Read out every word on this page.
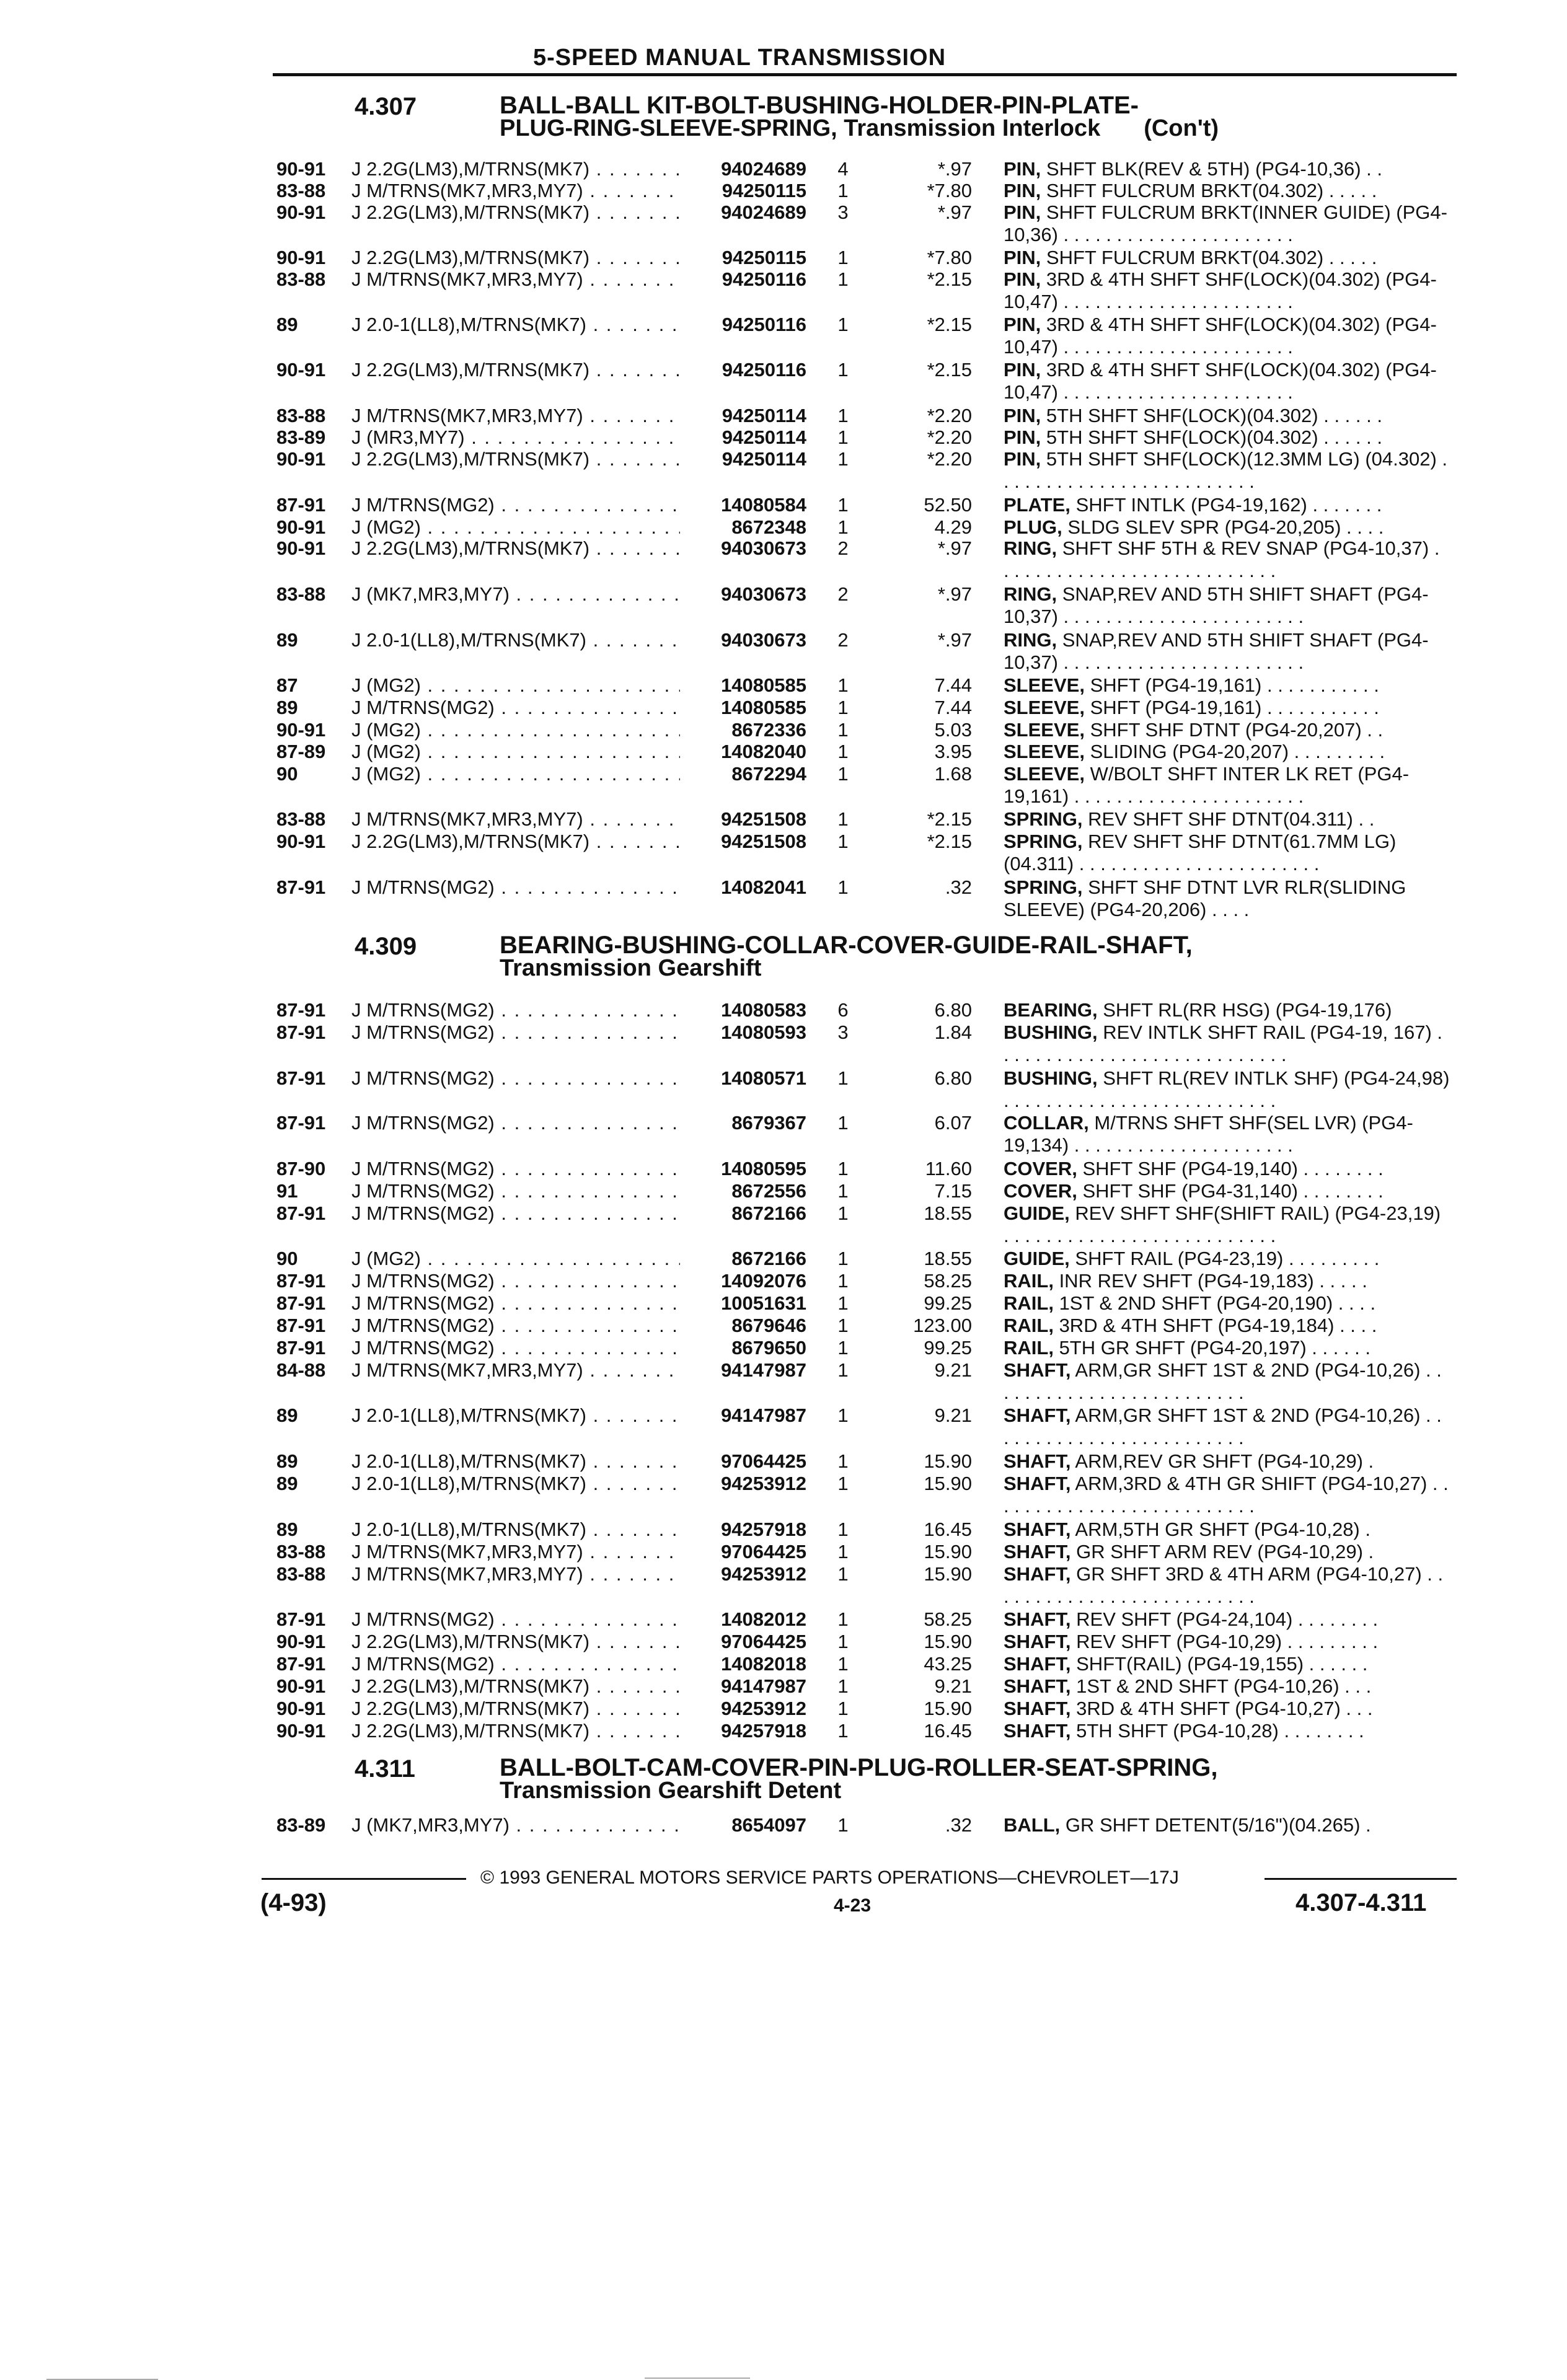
5-SPEED MANUAL TRANSMISSION
4.307	BALL-BALL KIT-BOLT-BUSHING-HOLDER-PIN-PLATE-
PLUG-RING-SLEEVE-SPRING, Transmission Interlock (Con't)
90-91 J 2.2G(LM3),M/TRNS(MK7) . . .	94024689 4	*.97 PIN, SHFT BLK(REV & 5TH) (PG4-10,36) . .
83-88 J M/TRNS(MK7,MR3,MY7) . . .	94250115 1	*7.80 PIN, SHFT FULCRUM BRKT(04.302) . . . . .
90-91 J 2.2G(LM3),M/TRNS(MK7) . . .	94024689 3	*.97 PIN, SHFT FULCRUM BRKT(INNER GUIDE) (PG4-10,36) . . . . . . . . . . . . . . . . . . . . . .
90-91 J 2.2G(LM3),M/TRNS(MK7) . . .	94250115 1	*7.80 PIN, SHFT FULCRUM BRKT(04.302) . . . . .
83-88 J M/TRNS(MK7,MR3,MY7) . . .	94250116 1	*2.15 PIN, 3RD & 4TH SHFT SHF(LOCK)(04.302) (PG4-10,47) . . . . . . . . . . . . . . . . . . . . . .
89	J 2.0-1(LL8),M/TRNS(MK7) . . .	94250116 1	*2.15 PIN, 3RD & 4TH SHFT SHF(LOCK)(04.302) (PG4-10,47) . . . . . . . . . . . . . . . . . . . . . .
90-91 J 2.2G(LM3),M/TRNS(MK7) . . .	94250116 1	*2.15 PIN, 3RD & 4TH SHFT SHF(LOCK)(04.302) (PG4-10,47) . . . . . . . . . . . . . . . . . . . . . .
83-88 J M/TRNS(MK7,MR3,MY7) . . .	94250114 1	*2.20 PIN, 5TH SHFT SHF(LOCK)(04.302) . . . . . .
83-89 J (MR3,MY7) . . .	94250114 1	*2.20 PIN, 5TH SHFT SHF(LOCK)(04.302) . . . . . .
90-91 J 2.2G(LM3),M/TRNS(MK7) . . .	94250114 1	*2.20 PIN, 5TH SHFT SHF(LOCK)(12.3MM LG) (04.302) . . . . . . . . . . . . . . . . . . . . . . . . .
87-91 J M/TRNS(MG2) . . .	14080584 1	52.50 PLATE, SHFT INTLK (PG4-19,162) . . . . . . .
90-91 J (MG2) . . .	8672348 1	4.29 PLUG, SLDG SLEV SPR (PG4-20,205) . . . .
90-91 J 2.2G(LM3),M/TRNS(MK7) . . .	94030673 2	*.97 RING, SHFT SHF 5TH & REV SNAP (PG4-10,37) . . . . . . . . . . . . . . . . . . . . . . . . . . .
83-88 J (MK7,MR3,MY7) . . .	94030673 2	*.97 RING, SNAP,REV AND 5TH SHIFT SHAFT (PG4-10,37) . . . . . . . . . . . . . . . . . . . . . . .
89	J 2.0-1(LL8),M/TRNS(MK7) . . .	94030673 2	*.97 RING, SNAP,REV AND 5TH SHIFT SHAFT (PG4-10,37) . . . . . . . . . . . . . . . . . . . . . . .
87	J (MG2) . . .	14080585 1	7.44 SLEEVE, SHFT (PG4-19,161) . . . . . . . . . . .
89	J M/TRNS(MG2) . . .	14080585 1	7.44 SLEEVE, SHFT (PG4-19,161) . . . . . . . . . . .
90-91 J (MG2) . . .	8672336 1	5.03 SLEEVE, SHFT SHF DTNT (PG4-20,207) . .
87-89 J (MG2) . . .	14082040 1	3.95 SLEEVE, SLIDING (PG4-20,207) . . . . . . . . .
90	J (MG2) . . .	8672294 1	1.68 SLEEVE, W/BOLT SHFT INTER LK RET (PG4-19,161) . . . . . . . . . . . . . . . . . . . . . .
83-88 J M/TRNS(MK7,MR3,MY7) . . .	94251508 1	*2.15 SPRING, REV SHFT SHF DTNT(04.311) . .
90-91 J 2.2G(LM3),M/TRNS(MK7) . . .	94251508 1	*2.15 SPRING, REV SHFT SHF DTNT(61.7MM LG)(04.311) . . . . . . . . . . . . . . . . . . . . . . .
87-91 J M/TRNS(MG2) . . .	14082041 1	.32 SPRING, SHFT SHF DTNT LVR RLR(SLIDING SLEEVE) (PG4-20,206) . . . .
4.309	BEARING-BUSHING-COLLAR-COVER-GUIDE-RAIL-SHAFT,
Transmission Gearshift
87-91 J M/TRNS(MG2) . . .	14080583 6	6.80 BEARING, SHFT RL(RR HSG) (PG4-19,176)
87-91 J M/TRNS(MG2) . . .	14080593 3	1.84 BUSHING, REV INTLK SHFT RAIL (PG4-19, 167) . . . . . . . . . . . . . . . . . . . . . . . . . . . .
87-91 J M/TRNS(MG2) . . .	14080571 1	6.80 BUSHING, SHFT RL(REV INTLK SHF) (PG4-24,98) . . . . . . . . . . . . . . . . . . . . . . . . . .
87-91 J M/TRNS(MG2) . . .	8679367 1	6.07 COLLAR, M/TRNS SHFT SHF(SEL LVR) (PG4-19,134) . . . . . . . . . . . . . . . . . . . . .
87-90 J M/TRNS(MG2) . . .	14080595 1	11.60 COVER, SHFT SHF (PG4-19,140) . . . . . . . .
91	J M/TRNS(MG2) . . .	8672556 1	7.15 COVER, SHFT SHF (PG4-31,140) . . . . . . . .
87-91 J M/TRNS(MG2) . . .	8672166 1	18.55 GUIDE, REV SHFT SHF(SHIFT RAIL) (PG4-23,19) . . . . . . . . . . . . . . . . . . . . . . . . . .
90	J (MG2) . . .	8672166 1	18.55 GUIDE, SHFT RAIL (PG4-23,19) . . . . . . . . .
87-91 J M/TRNS(MG2) . . .	14092076 1	58.25 RAIL, INR REV SHFT (PG4-19,183) . . . . .
87-91 J M/TRNS(MG2) . . .	10051631 1	99.25 RAIL, 1ST & 2ND SHFT (PG4-20,190) . . . .
87-91 J M/TRNS(MG2) . . .	8679646 1	123.00 RAIL, 3RD & 4TH SHFT (PG4-19,184) . . . .
87-91 J M/TRNS(MG2) . . .	8679650 1	99.25 RAIL, 5TH GR SHFT (PG4-20,197) . . . . . .
84-88 J M/TRNS(MK7,MR3,MY7) . . .	94147987 1	9.21 SHAFT, ARM,GR SHFT 1ST & 2ND (PG4-10,26) . . . . . . . . . . . . . . . . . . . . . . . . .
89	J 2.0-1(LL8),M/TRNS(MK7) . . .	94147987 1	9.21 SHAFT, ARM,GR SHFT 1ST & 2ND (PG4-10,26) . . . . . . . . . . . . . . . . . . . . . . . . .
89	J 2.0-1(LL8),M/TRNS(MK7) . . .	97064425 1	15.90 SHAFT, ARM,REV GR SHFT (PG4-10,29) .
89	J 2.0-1(LL8),M/TRNS(MK7) . . .	94253912 1	15.90 SHAFT, ARM,3RD & 4TH GR SHIFT (PG4-10,27) . . . . . . . . . . . . . . . . . . . . . . . . . .
89	J 2.0-1(LL8),M/TRNS(MK7) . . .	94257918 1	16.45 SHAFT, ARM,5TH GR SHFT (PG4-10,28) .
83-88 J M/TRNS(MK7,MR3,MY7) . . .	97064425 1	15.90 SHAFT, GR SHFT ARM REV (PG4-10,29) .
83-88 J M/TRNS(MK7,MR3,MY7) . . .	94253912 1	15.90 SHAFT, GR SHFT 3RD & 4TH ARM (PG4-10,27) . . . . . . . . . . . . . . . . . . . . . . . . . .
87-91 J M/TRNS(MG2) . . .	14082012 1	58.25 SHAFT, REV SHFT (PG4-24,104) . . . . . . . .
90-91 J 2.2G(LM3),M/TRNS(MK7) . . .	97064425 1	15.90 SHAFT, REV SHFT (PG4-10,29) . . . . . . . . .
87-91 J M/TRNS(MG2) . . .	14082018 1	43.25 SHAFT, SHFT(RAIL) (PG4-19,155) . . . . . .
90-91 J 2.2G(LM3),M/TRNS(MK7) . . .	94147987 1	9.21 SHAFT, 1ST & 2ND SHFT (PG4-10,26) . . .
90-91 J 2.2G(LM3),M/TRNS(MK7) . . .	94253912 1	15.90 SHAFT, 3RD & 4TH SHFT (PG4-10,27) . . .
90-91 J 2.2G(LM3),M/TRNS(MK7) . . .	94257918 1	16.45 SHAFT, 5TH SHFT (PG4-10,28) . . . . . . . .
4.311	BALL-BOLT-CAM-COVER-PIN-PLUG-ROLLER-SEAT-SPRING,
Transmission Gearshift Detent
83-89 J (MK7,MR3,MY7) . . .	8654097 1	.32 BALL, GR SHFT DETENT(5/16")(04.265) .
© 1993 GENERAL MOTORS SERVICE PARTS OPERATIONS—CHEVROLET—17J
(4-93)	4-23	4.307-4.311
